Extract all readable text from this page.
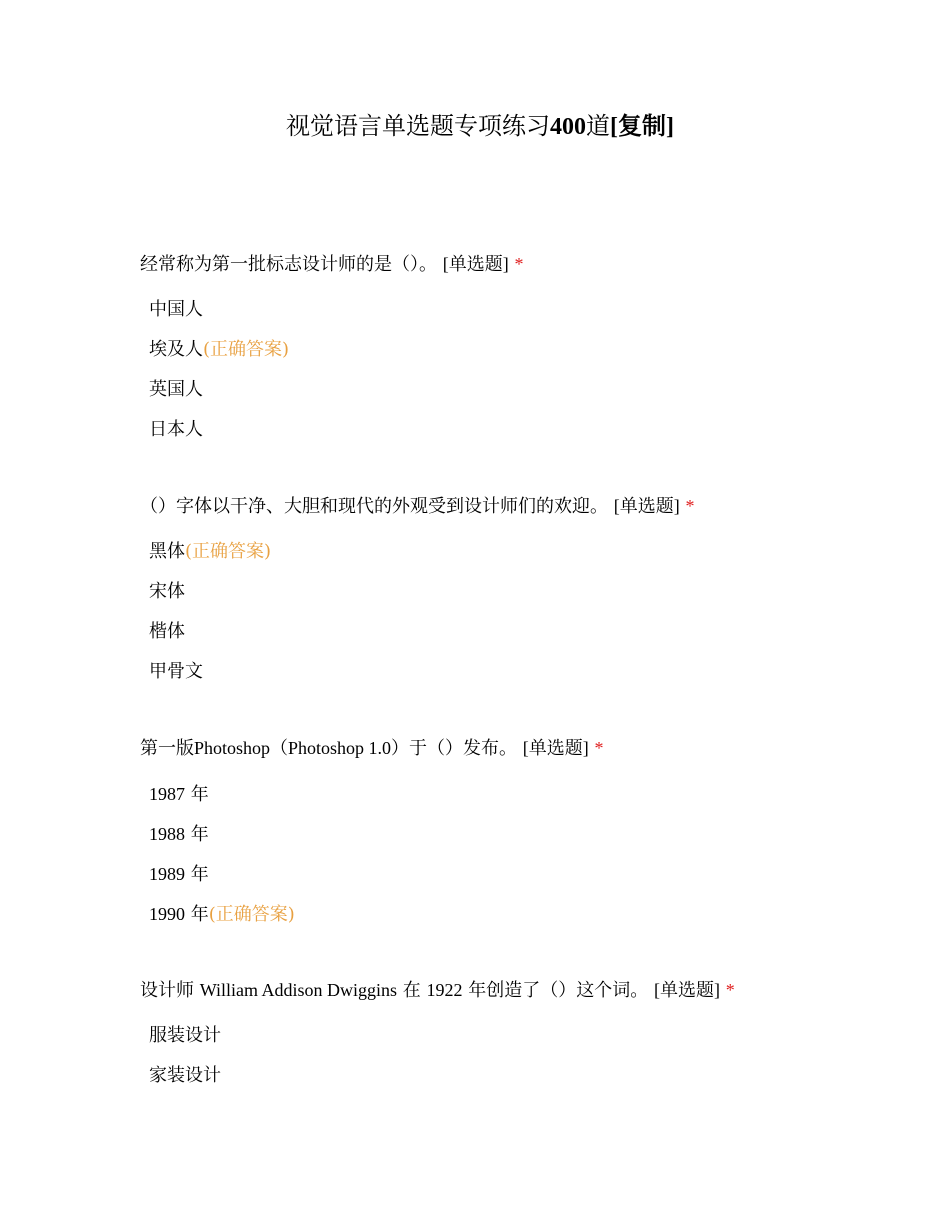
视觉语言单选题专项练习400道[复制]
经常称为第一批标志设计师的是（）。 [单选题] *
中国人
埃及人(正确答案)
英国人
日本人
（）字体以干净、大胆和现代的外观受到设计师们的欢迎。 [单选题] *
黑体(正确答案)
宋体
楷体
甲骨文
第一版Photoshop（Photoshop 1.0）于（）发布。 [单选题] *
1987 年
1988 年
1989 年
1990 年(正确答案)
设计师 William Addison Dwiggins 在 1922 年创造了（）这个词。 [单选题] *
服装设计
家装设计
